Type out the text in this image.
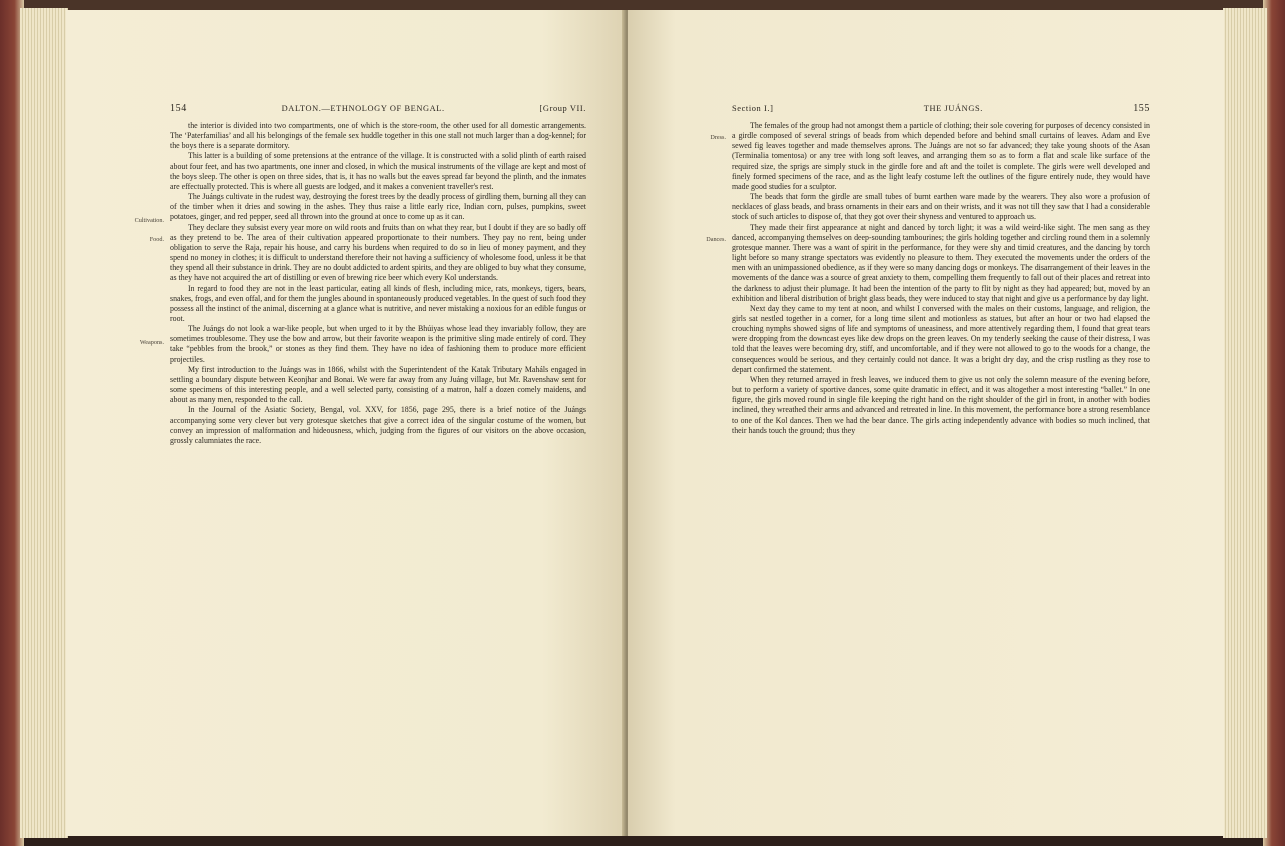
154	DALTON.—ETHNOLOGY OF BENGAL.	[Group VII.

the interior is divided into two compartments, one of which is the store-room, the other used for all domestic arrangements. The ‘Paterfamilias’ and all his belongings of the female sex huddle together in this one stall not much larger than a dog-kennel; for the boys there is a separate dormitory.

This latter is a building of some pretensions at the entrance of the village. It is constructed with a solid plinth of earth raised about four feet, and has two apartments, one inner and closed, in which the musical instruments of the village are kept and most of the boys sleep. The other is open on three sides, that is, it has no walls but the eaves spread far beyond the plinth, and the inmates are effectually protected. This is where all guests are lodged, and it makes a convenient traveller's rest.

Cultivation.

The Juángs cultivate in the rudest way, destroying the forest trees by the deadly process of girdling them, burning all they can of the timber when it dries and sowing in the ashes. They thus raise a little early rice, Indian corn, pulses, pumpkins, sweet potatoes, ginger, and red pepper, seed all thrown into the ground at once to come up as it can.

Food.

They declare they subsist every year more on wild roots and fruits than on what they rear, but I doubt if they are so badly off as they pretend to be. The area of their cultivation appeared proportionate to their numbers. They pay no rent, being under obligation to serve the Raja, repair his house, and carry his burdens when required to do so in lieu of money payment, and they spend no money in clothes; it is difficult to understand therefore their not having a sufficiency of wholesome food, unless it be that they spend all their substance in drink. They are no doubt addicted to ardent spirits, and they are obliged to buy what they consume, as they have not acquired the art of distilling or even of brewing rice beer which every Kol understands.

In regard to food they are not in the least particular, eating all kinds of flesh, including mice, rats, monkeys, tigers, bears, snakes, frogs, and even offal, and for them the jungles abound in spontaneously produced vegetables. In the quest of such food they possess all the instinct of the animal, discerning at a glance what is nutritive, and never mistaking a noxious for an edible fungus or root.

Weapons.

The Juángs do not look a war-like people, but when urged to it by the Bhúiyas whose lead they invariably follow, they are sometimes troublesome. They use the bow and arrow, but their favorite weapon is the primitive sling made entirely of cord. They take “pebbles from the brook,” or stones as they find them. They have no idea of fashioning them to produce more efficient projectiles.

My first introduction to the Juángs was in 1866, whilst with the Superintendent of the Katak Tributary Maháls engaged in settling a boundary dispute between Keonjhar and Bonai. We were far away from any Juáng village, but Mr. Ravenshaw sent for some specimens of this interesting people, and a well selected party, consisting of a matron, half a dozen comely maidens, and about as many men, responded to the call.

In the Journal of the Asiatic Society, Bengal, vol. XXV, for 1856, page 295, there is a brief notice of the Juángs accompanying some very clever but very grotesque sketches that give a correct idea of the singular costume of the women, but convey an impression of malformation and hideousness, which, judging from the figures of our visitors on the above occasion, grossly calumniates the race.

Section I.]	THE JUÁNGS.	155
Dress.

The females of the group had not amongst them a particle of clothing; their sole covering for purposes of decency consisted in a girdle composed of several strings of beads from which depended before and behind small curtains of leaves. Adam and Eve sewed fig leaves together and made themselves aprons. The Juángs are not so far advanced; they take young shoots of the Asan (Terminalia tomentosa) or any tree with long soft leaves, and arranging them so as to form a flat and scale like surface of the required size, the sprigs are simply stuck in the girdle fore and aft and the toilet is complete. The girls were well developed and finely formed specimens of the race, and as the light leafy costume left the outlines of the figure entirely nude, they would have made good studies for a sculptor.

The beads that form the girdle are small tubes of burnt earthen ware made by the wearers. They also wore a profusion of necklaces of glass beads, and brass ornaments in their ears and on their wrists, and it was not till they saw that I had a considerable stock of such articles to dispose of, that they got over their shyness and ventured to approach us.

Dances.

They made their first appearance at night and danced by torch light; it was a wild weird-like sight. The men sang as they danced, accompanying themselves on deep-sounding tambourines; the girls holding together and circling round them in a solemnly grotesque manner. There was a want of spirit in the performance, for they were shy and timid creatures, and the dancing by torch light before so many strange spectators was evidently no pleasure to them. They executed the movements under the orders of the men with an unimpassioned obedience, as if they were so many dancing dogs or monkeys. The disarrangement of their leaves in the movements of the dance was a source of great anxiety to them, compelling them frequently to fall out of their places and retreat into the darkness to adjust their plumage. It had been the intention of the party to flit by night as they had appeared; but, moved by an exhibition and liberal distribution of bright glass beads, they were induced to stay that night and give us a performance by day light.

Next day they came to my tent at noon, and whilst I conversed with the males on their customs, language, and religion, the girls sat nestled together in a corner, for a long time silent and motionless as statues, but after an hour or two had elapsed the crouching nymphs showed signs of life and symptoms of uneasiness, and more attentively regarding them, I found that great tears were dropping from the downcast eyes like dew drops on the green leaves. On my tenderly seeking the cause of their distress, I was told that the leaves were becoming dry, stiff, and uncomfortable, and if they were not allowed to go to the woods for a change, the consequences would be serious, and they certainly could not dance. It was a bright dry day, and the crisp rustling as they rose to depart confirmed the statement.

When they returned arrayed in fresh leaves, we induced them to give us not only the solemn measure of the evening before, but to perform a variety of sportive dances, some quite dramatic in effect, and it was altogether a most interesting “ballet.” In one figure, the girls moved round in single file keeping the right hand on the right shoulder of the girl in front, in another with bodies inclined, they wreathed their arms and advanced and retreated in line. In this movement, the performance bore a strong resemblance to one of the Kol dances. Then we had the bear dance. The girls acting independently advance with bodies so much inclined, that their hands touch the ground; thus they
